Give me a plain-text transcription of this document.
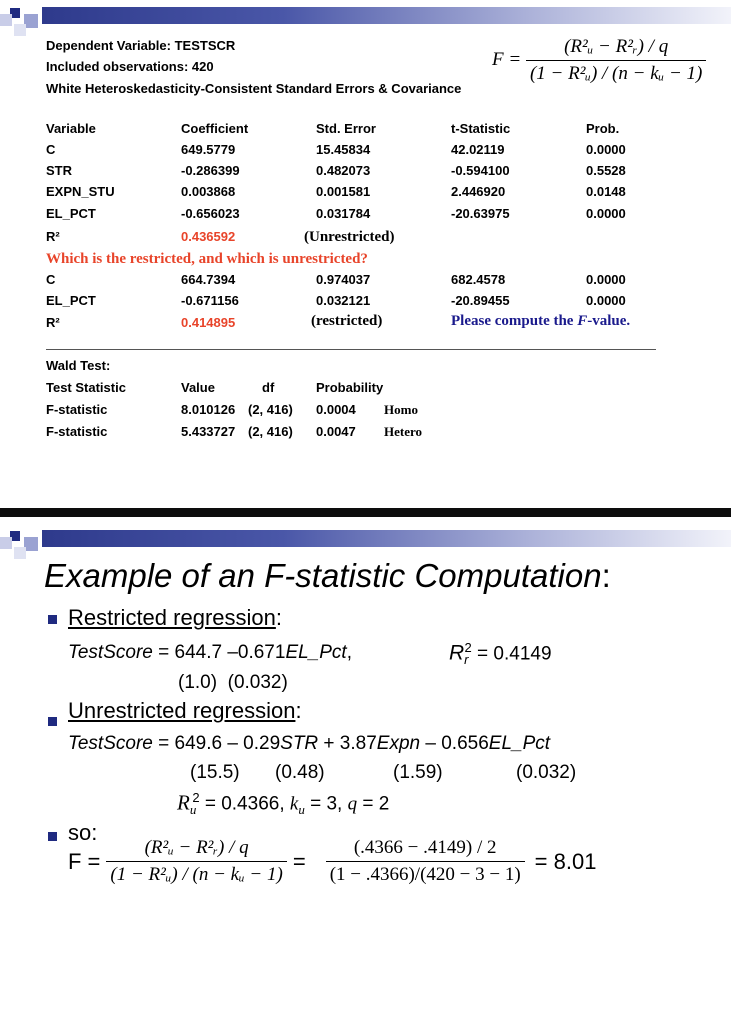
Dependent Variable: TESTSCR
Included observations: 420
White Heteroskedasticity-Consistent Standard Errors & Covariance
$F = \frac{\text{(R²ᵤ − R²ᵣ) / q}}{\text{(1 − R²ᵤ) / (n − kᵤ − 1)}}$
Variable	Coefficient	Std. Error	t-Statistic	Prob.
C	649.5779	15.45834	42.02119	0.0000
STR	-0.286399	0.482073	-0.594100	0.5528
EXPN_STU	0.003868	0.001581	2.446920	0.0148
EL_PCT	-0.656023	0.031784	-20.63975	0.0000
R²	0.436592	(Unrestricted)
Which is the restricted, and which is unrestricted?
C	664.7394	0.974037	682.4578	0.0000
EL_PCT	-0.671156	0.032121	-20.89455	0.0000
R²	0.414895	(restricted)	Please compute the F-value.
Wald Test:
Test Statistic	Value	df	Probability
F-statistic	8.010126 (2, 416) 0.0004 Homo
F-statistic	5.433727 (2, 416) 0.0047 Hetero
Example of an F-statistic Computation:
Restricted regression:
TestScore = 644.7 –0.671EL_Pct,	$R_r^2 = 0.4149$
(1.0)  (0.032)
Unrestricted regression:
TestScore = 649.6 – 0.29STR + 3.87Expn – 0.656EL_Pct
(15.5) (0.48)	(1.59)	(0.032)
$R_u^2 = 0.4366$, $k_u = 3$, q = 2
so:
$F = \frac{\text{(R²ᵤ − R²ᵣ) / q}}{\text{(1 − R²ᵤ) / (n − kᵤ − 1)}} = \frac{(.4366 - .4149) / 2}{(1 - .4366)/(420 - 3 - 1)} = 8.01$
